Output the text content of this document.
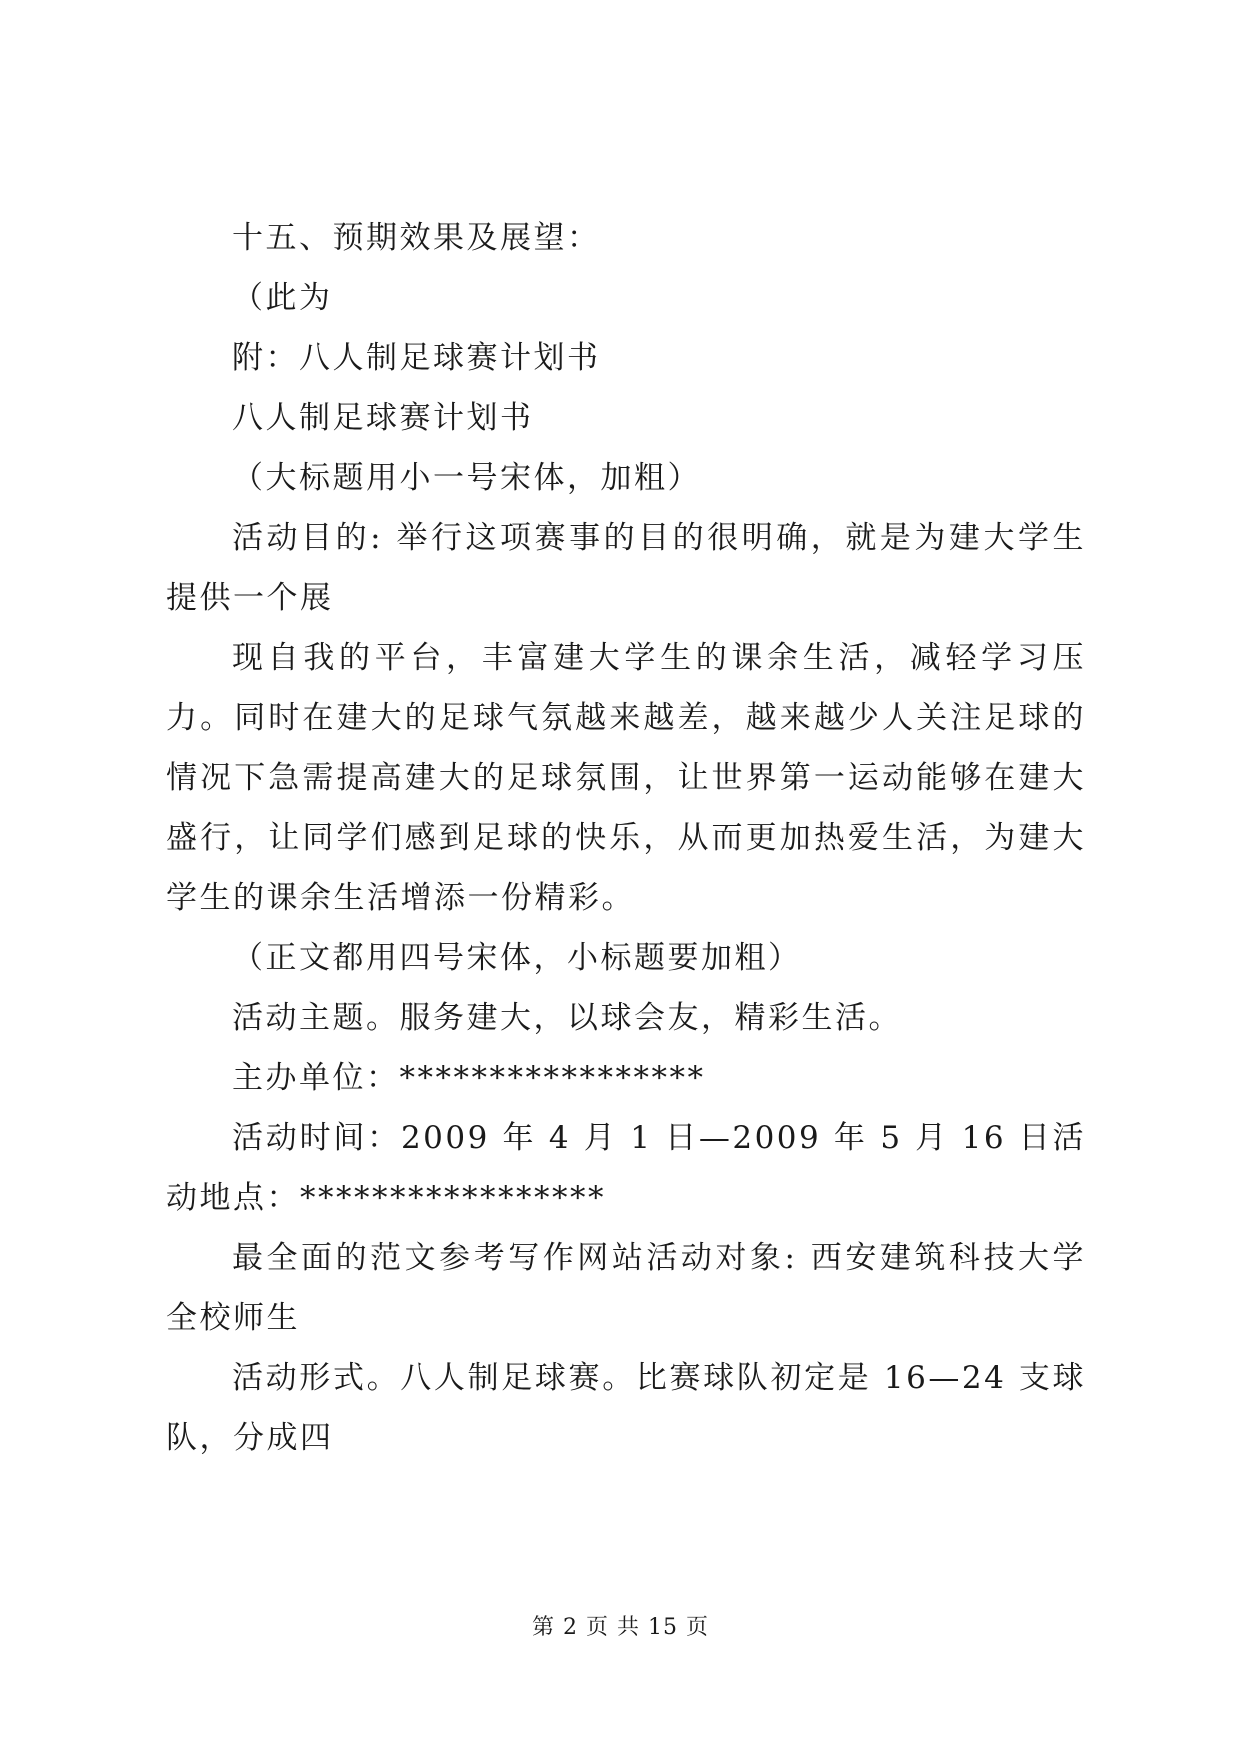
十五、预期效果及展望：

（此为

附：八人制足球赛计划书

八人制足球赛计划书

（大标题用小一号宋体，加粗）

活动目的: 举行这项赛事的目的很明确，就是为建大学生提供一个展

现自我的平台，丰富建大学生的课余生活，减轻学习压力。同时在建大的足球气氛越来越差，越来越少人关注足球的情况下急需提高建大的足球氛围，让世界第一运动能够在建大盛行，让同学们感到足球的快乐，从而更加热爱生活，为建大学生的课余生活增添一份精彩。

（正文都用四号宋体，小标题要加粗）

活动主题。服务建大，以球会友，精彩生活。

主办单位：*****************

活动时间：2009 年 4 月 1 日—2009 年 5 月 16 日活动地点：*****************

最全面的范文参考写作网站活动对象: 西安建筑科技大学全校师生

活动形式。八人制足球赛。比赛球队初定是 16—24 支球队，分成四

第 2 页 共 15 页
